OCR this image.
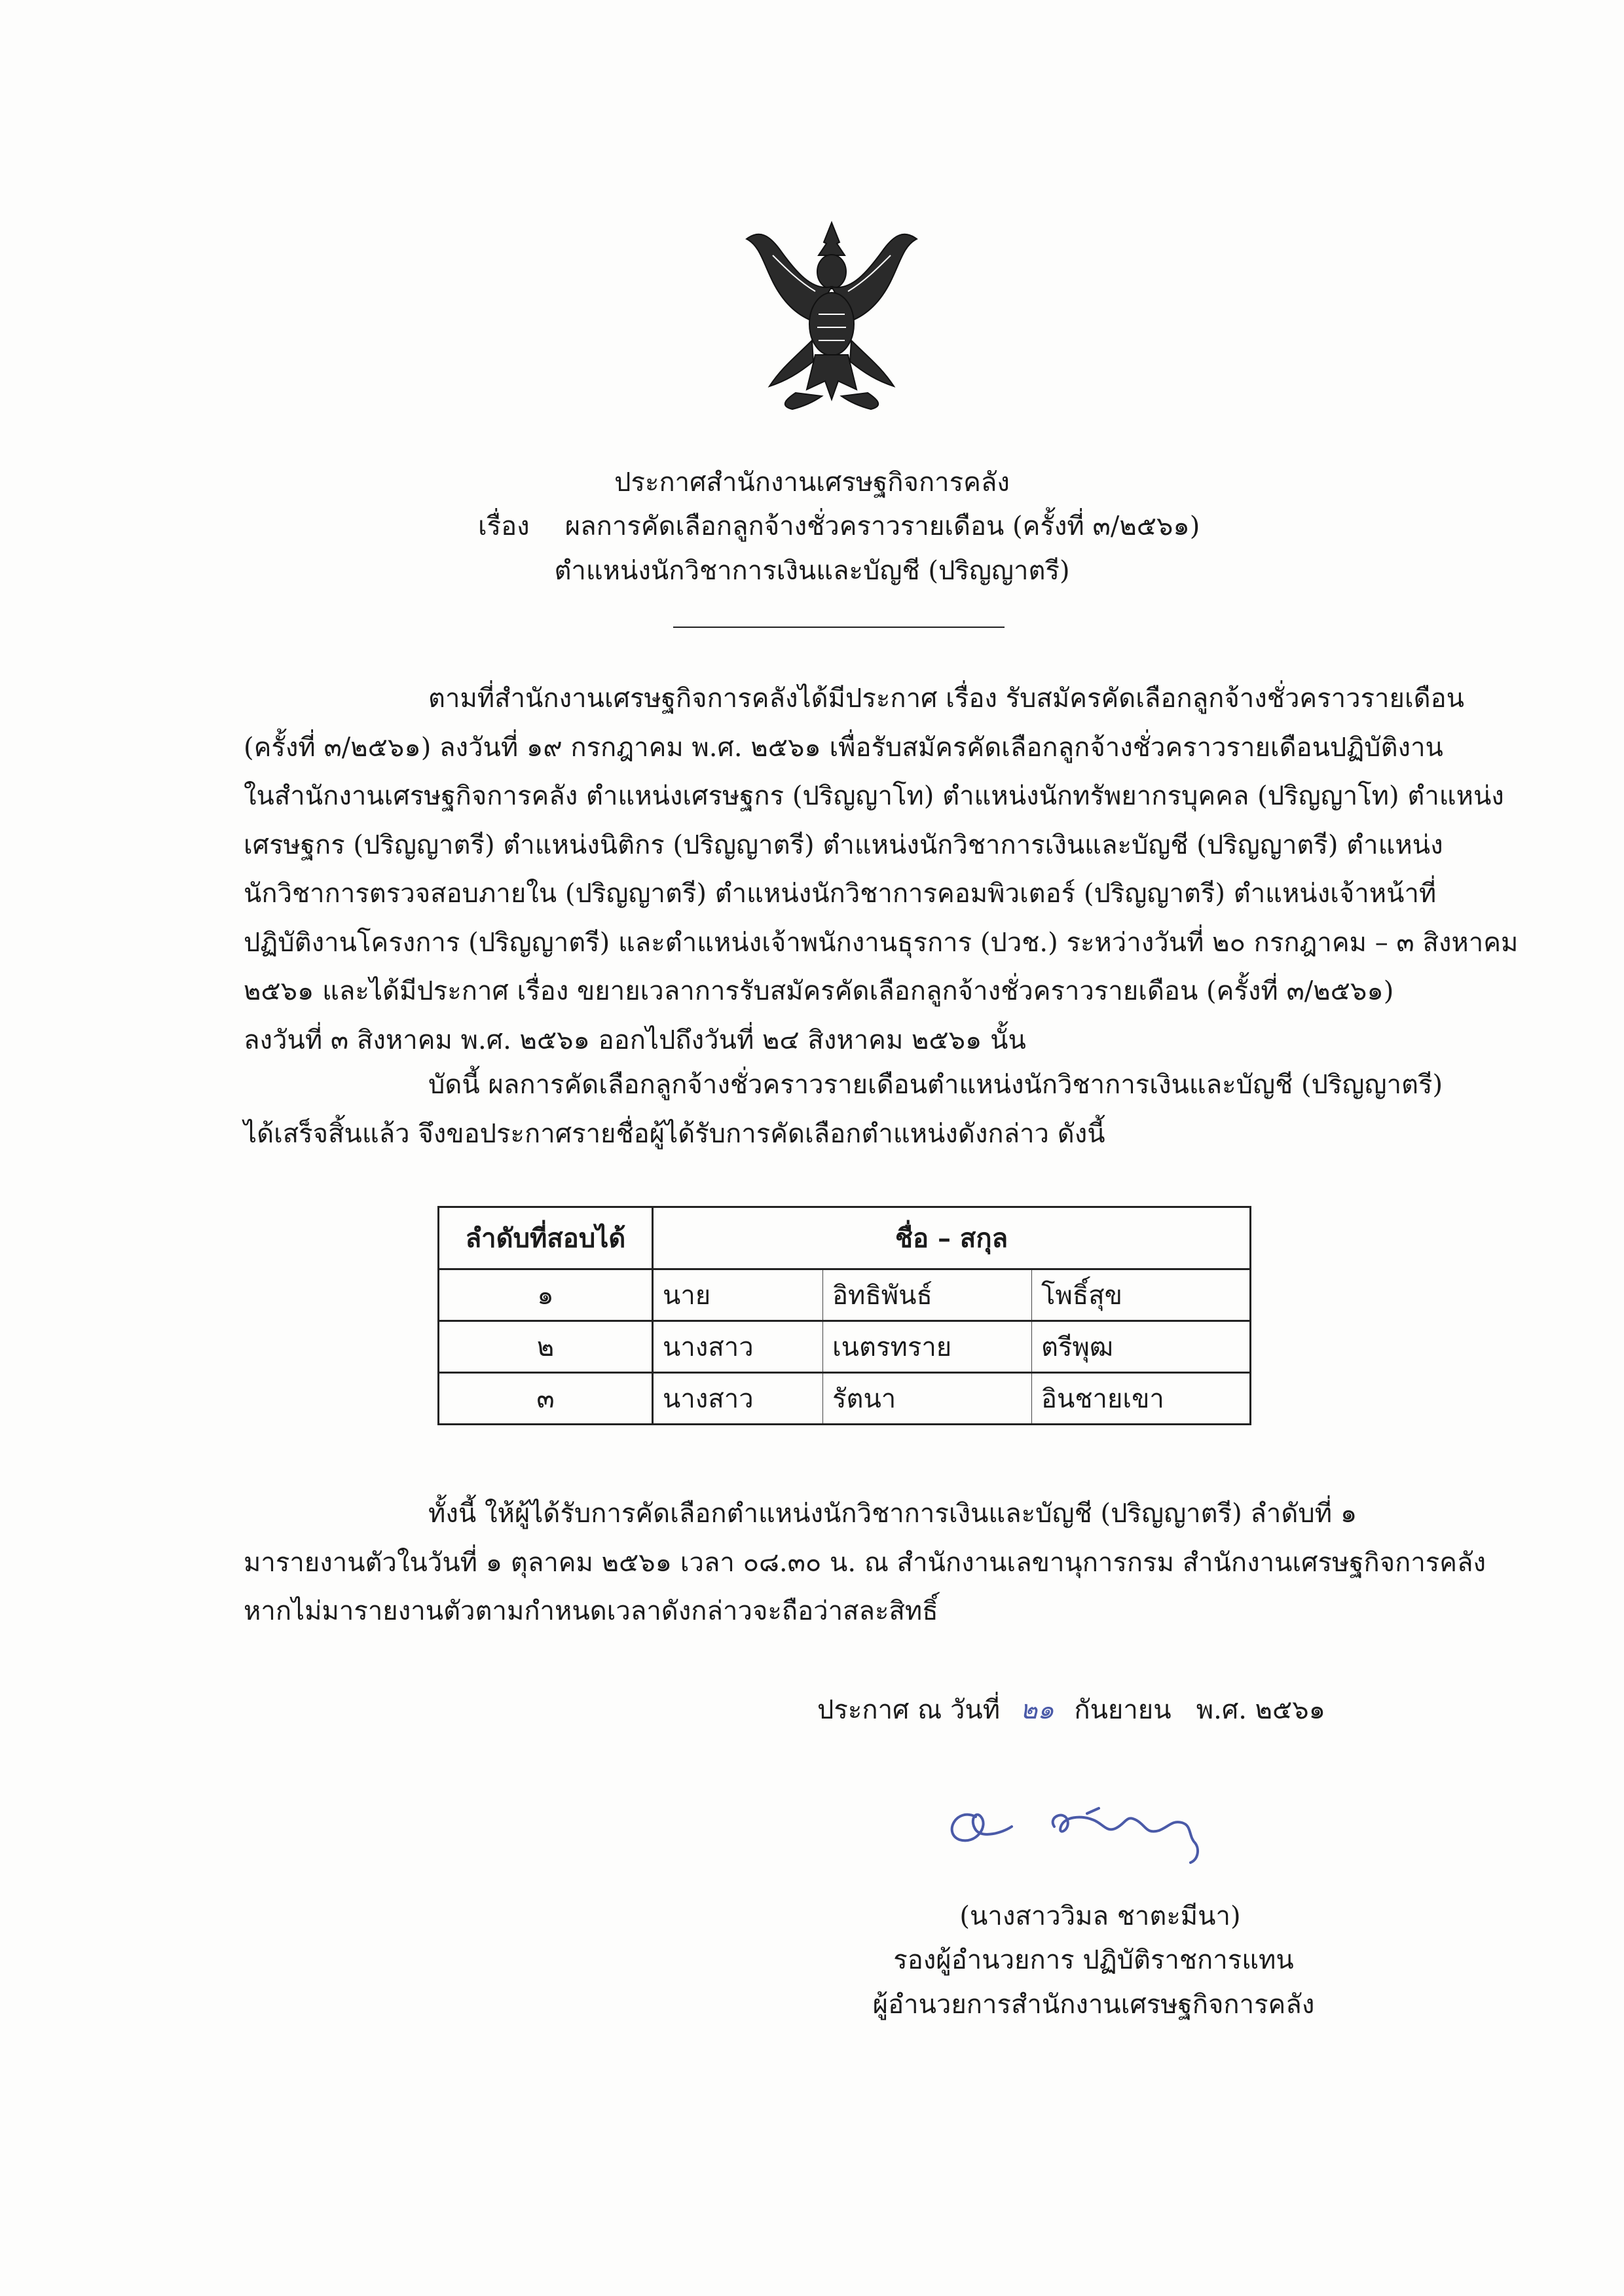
ประกาศสำนักงานเศรษฐกิจการคลัง
เรื่อง ผลการคัดเลือกลูกจ้างชั่วคราวรายเดือน (ครั้งที่ ๓/๒๕๖๑)
ตำแหน่งนักวิชาการเงินและบัญชี (ปริญญาตรี)
ตามที่สำนักงานเศรษฐกิจการคลังได้มีประกาศ เรื่อง รับสมัครคัดเลือกลูกจ้างชั่วคราวรายเดือน
(ครั้งที่ ๓/๒๕๖๑) ลงวันที่ ๑๙ กรกฎาคม พ.ศ. ๒๕๖๑ เพื่อรับสมัครคัดเลือกลูกจ้างชั่วคราวรายเดือนปฏิบัติงาน
ในสำนักงานเศรษฐกิจการคลัง ตำแหน่งเศรษฐกร (ปริญญาโท) ตำแหน่งนักทรัพยากรบุคคล (ปริญญาโท) ตำแหน่ง
เศรษฐกร (ปริญญาตรี) ตำแหน่งนิติกร (ปริญญาตรี) ตำแหน่งนักวิชาการเงินและบัญชี (ปริญญาตรี) ตำแหน่ง
นักวิชาการตรวจสอบภายใน (ปริญญาตรี) ตำแหน่งนักวิชาการคอมพิวเตอร์ (ปริญญาตรี) ตำแหน่งเจ้าหน้าที่
ปฏิบัติงานโครงการ (ปริญญาตรี) และตำแหน่งเจ้าพนักงานธุรการ (ปวช.) ระหว่างวันที่ ๒๐ กรกฎาคม – ๓ สิงหาคม
๒๕๖๑ และได้มีประกาศ เรื่อง ขยายเวลาการรับสมัครคัดเลือกลูกจ้างชั่วคราวรายเดือน (ครั้งที่ ๓/๒๕๖๑)
ลงวันที่ ๓ สิงหาคม พ.ศ. ๒๕๖๑ ออกไปถึงวันที่ ๒๔ สิงหาคม ๒๕๖๑ นั้น
บัดนี้ ผลการคัดเลือกลูกจ้างชั่วคราวรายเดือนตำแหน่งนักวิชาการเงินและบัญชี (ปริญญาตรี)
ได้เสร็จสิ้นแล้ว จึงขอประกาศรายชื่อผู้ได้รับการคัดเลือกตำแหน่งดังกล่าว ดังนี้
ลำดับที่สอบได้	ชื่อ – สกุล		
๑	นาย	อิทธิพันธ์	โพธิ์สุข
๒	นางสาว	เนตรทราย	ตรีพุฒ
๓	นางสาว	รัตนา	อินชายเขา
ทั้งนี้ ให้ผู้ได้รับการคัดเลือกตำแหน่งนักวิชาการเงินและบัญชี (ปริญญาตรี) ลำดับที่ ๑
มารายงานตัวในวันที่ ๑ ตุลาคม ๒๕๖๑ เวลา ๐๘.๓๐ น. ณ สำนักงานเลขานุการกรม สำนักงานเศรษฐกิจการคลัง
หากไม่มารายงานตัวตามกำหนดเวลาดังกล่าวจะถือว่าสละสิทธิ์
ประกาศ ณ วันที่ ๒๑ กันยายน พ.ศ. ๒๕๖๑
(นางสาววิมล ชาตะมีนา)
รองผู้อำนวยการ ปฏิบัติราชการแทน
ผู้อำนวยการสำนักงานเศรษฐกิจการคลัง
